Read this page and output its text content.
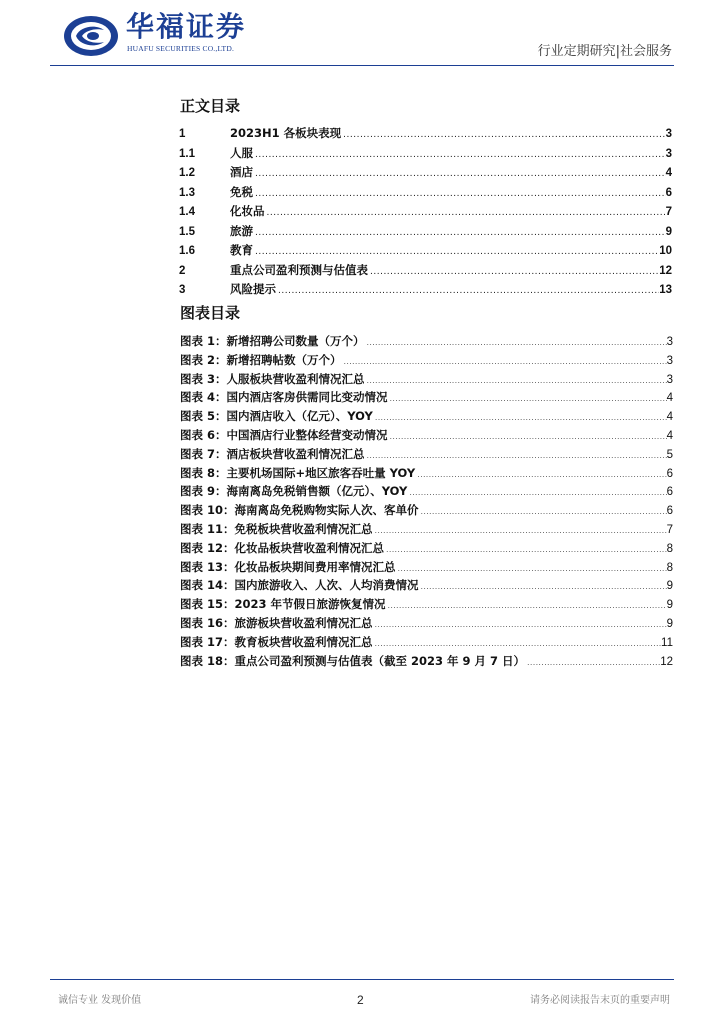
华福证券
HUAFU SECURITIES CO.,LTD.	行业定期研究|社会服务
正文目录
1	2023H1 各板块表现 .....	3
1.1	人服 .....	3
1.2	酒店 .....	4
1.3	免税 .....	6
1.4	化妆品 .....	7
1.5	旅游 .....	9
1.6	教育 .....	10
2	重点公司盈利预测与估值表 .....	12
3	风险提示 .....	13
图表目录
图表 1：新增招聘公司数量（万个） .....	3
图表 2：新增招聘帖数（万个） .....	3
图表 3：人服板块营收盈利情况汇总 .....	3
图表 4：国内酒店客房供需同比变动情况 .....	4
图表 5：国内酒店收入（亿元）、YOY .....	4
图表 6：中国酒店行业整体经营变动情况 .....	4
图表 7：酒店板块营收盈利情况汇总 .....	5
图表 8：主要机场国际+地区旅客吞吐量 YOY .....	6
图表 9：海南离岛免税销售额（亿元）、YOY .....	6
图表 10：海南离岛免税购物实际人次、客单价 .....	6
图表 11：免税板块营收盈利情况汇总 .....	7
图表 12：化妆品板块营收盈利情况汇总 .....	8
图表 13：化妆品板块期间费用率情况汇总 .....	8
图表 14：国内旅游收入、人次、人均消费情况 .....	9
图表 15：2023 年节假日旅游恢复情况 .....	9
图表 16：旅游板块营收盈利情况汇总 .....	9
图表 17：教育板块营收盈利情况汇总 .....	11
图表 18：重点公司盈利预测与估值表（截至 2023 年 9 月 7 日） .....	12
诚信专业 发现价值	2	请务必阅读报告末页的重要声明
